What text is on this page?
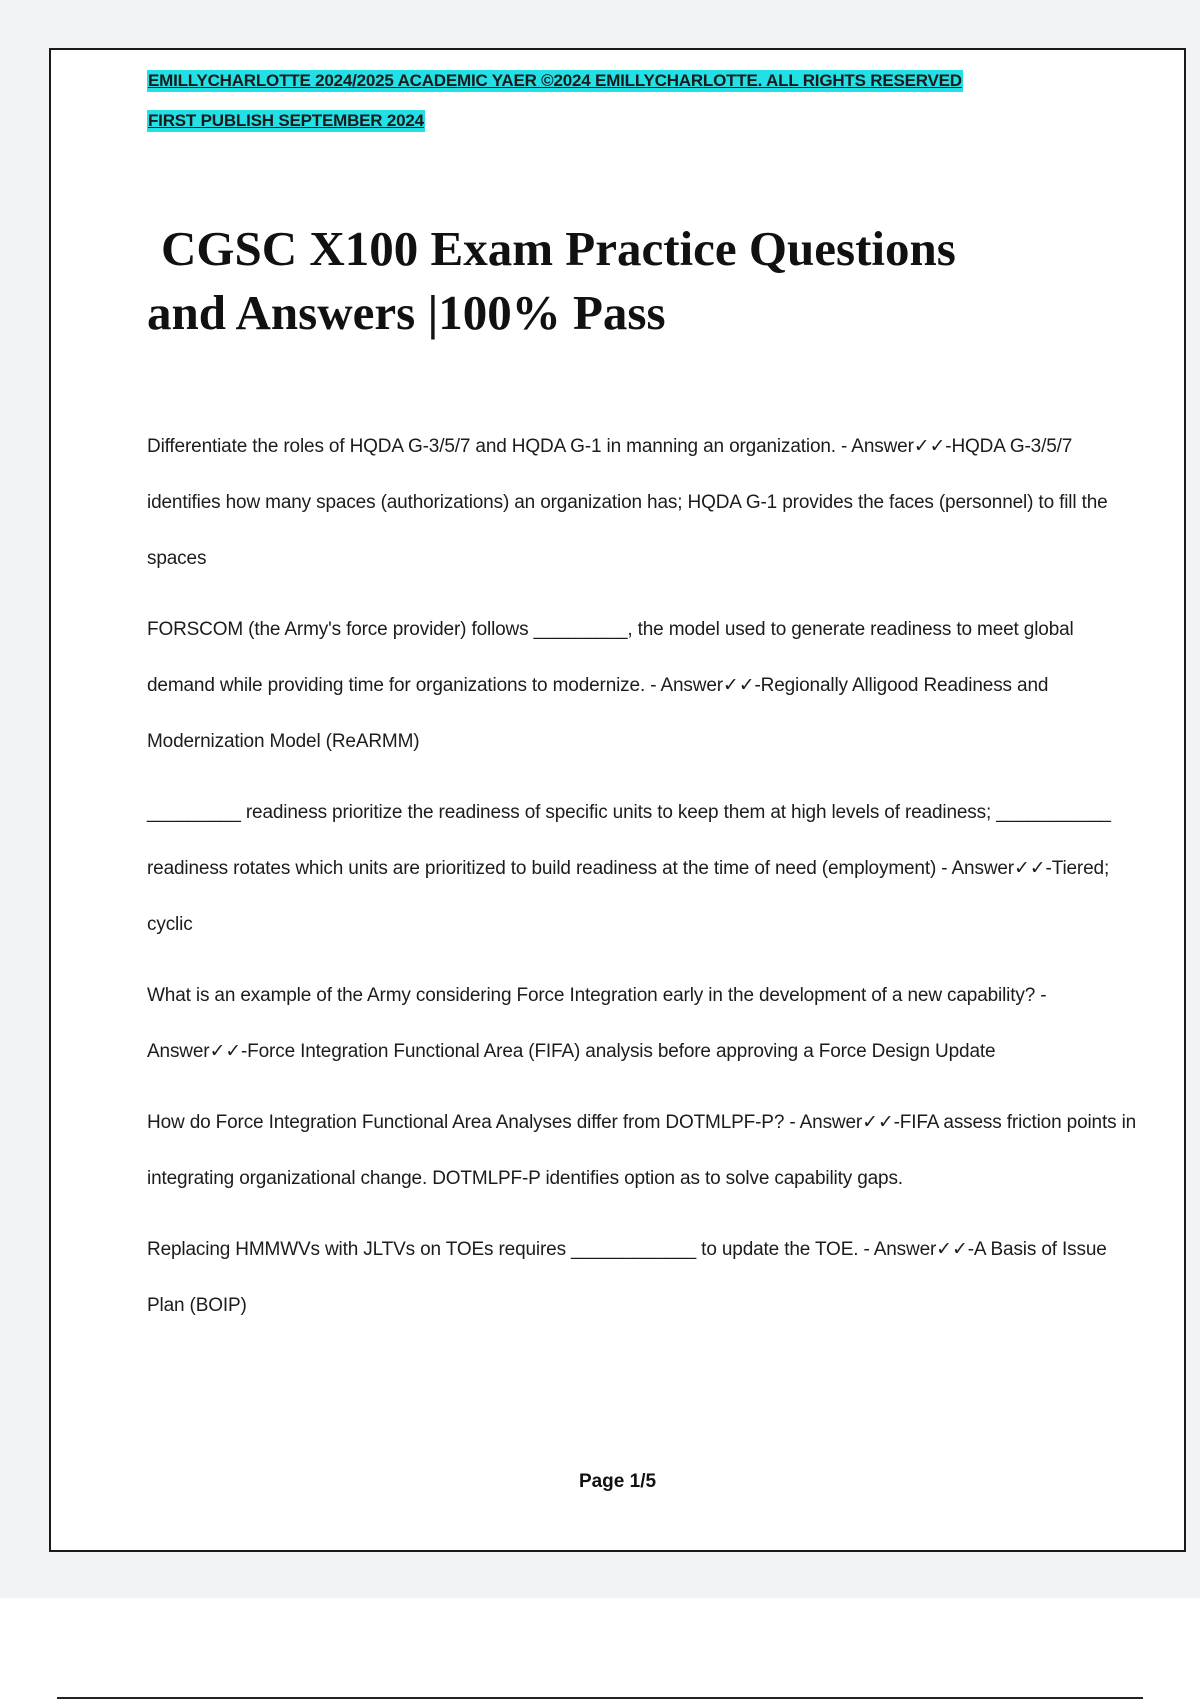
EMILLYCHARLOTTE 2024/2025 ACADEMIC YAER ©2024 EMILLYCHARLOTTE. ALL RIGHTS RESERVED
FIRST PUBLISH SEPTEMBER 2024
CGSC X100 Exam Practice Questions
and Answers |100% Pass

Differentiate the roles of HQDA G-3/5/7 and HQDA G-1 in manning an organization. - Answer✓✓-HQDA G-3/5/7 identifies how many spaces (authorizations) an organization has; HQDA G-1 provides the faces (personnel) to fill the spaces

FORSCOM (the Army's force provider) follows _________, the model used to generate readiness to meet global demand while providing time for organizations to modernize. - Answer✓✓-Regionally Alligood Readiness and Modernization Model (ReARMM)

_________ readiness prioritize the readiness of specific units to keep them at high levels of readiness; ___________ readiness rotates which units are prioritized to build readiness at the time of need (employment) - Answer✓✓-Tiered; cyclic

What is an example of the Army considering Force Integration early in the development of a new capability? - Answer✓✓-Force Integration Functional Area (FIFA) analysis before approving a Force Design Update

How do Force Integration Functional Area Analyses differ from DOTMLPF-P? - Answer✓✓-FIFA assess friction points in integrating organizational change. DOTMLPF-P identifies option as to solve capability gaps.

Replacing HMMWVs with JLTVs on TOEs requires ____________ to update the TOE. - Answer✓✓-A Basis of Issue Plan (BOIP)

Page 1/5
